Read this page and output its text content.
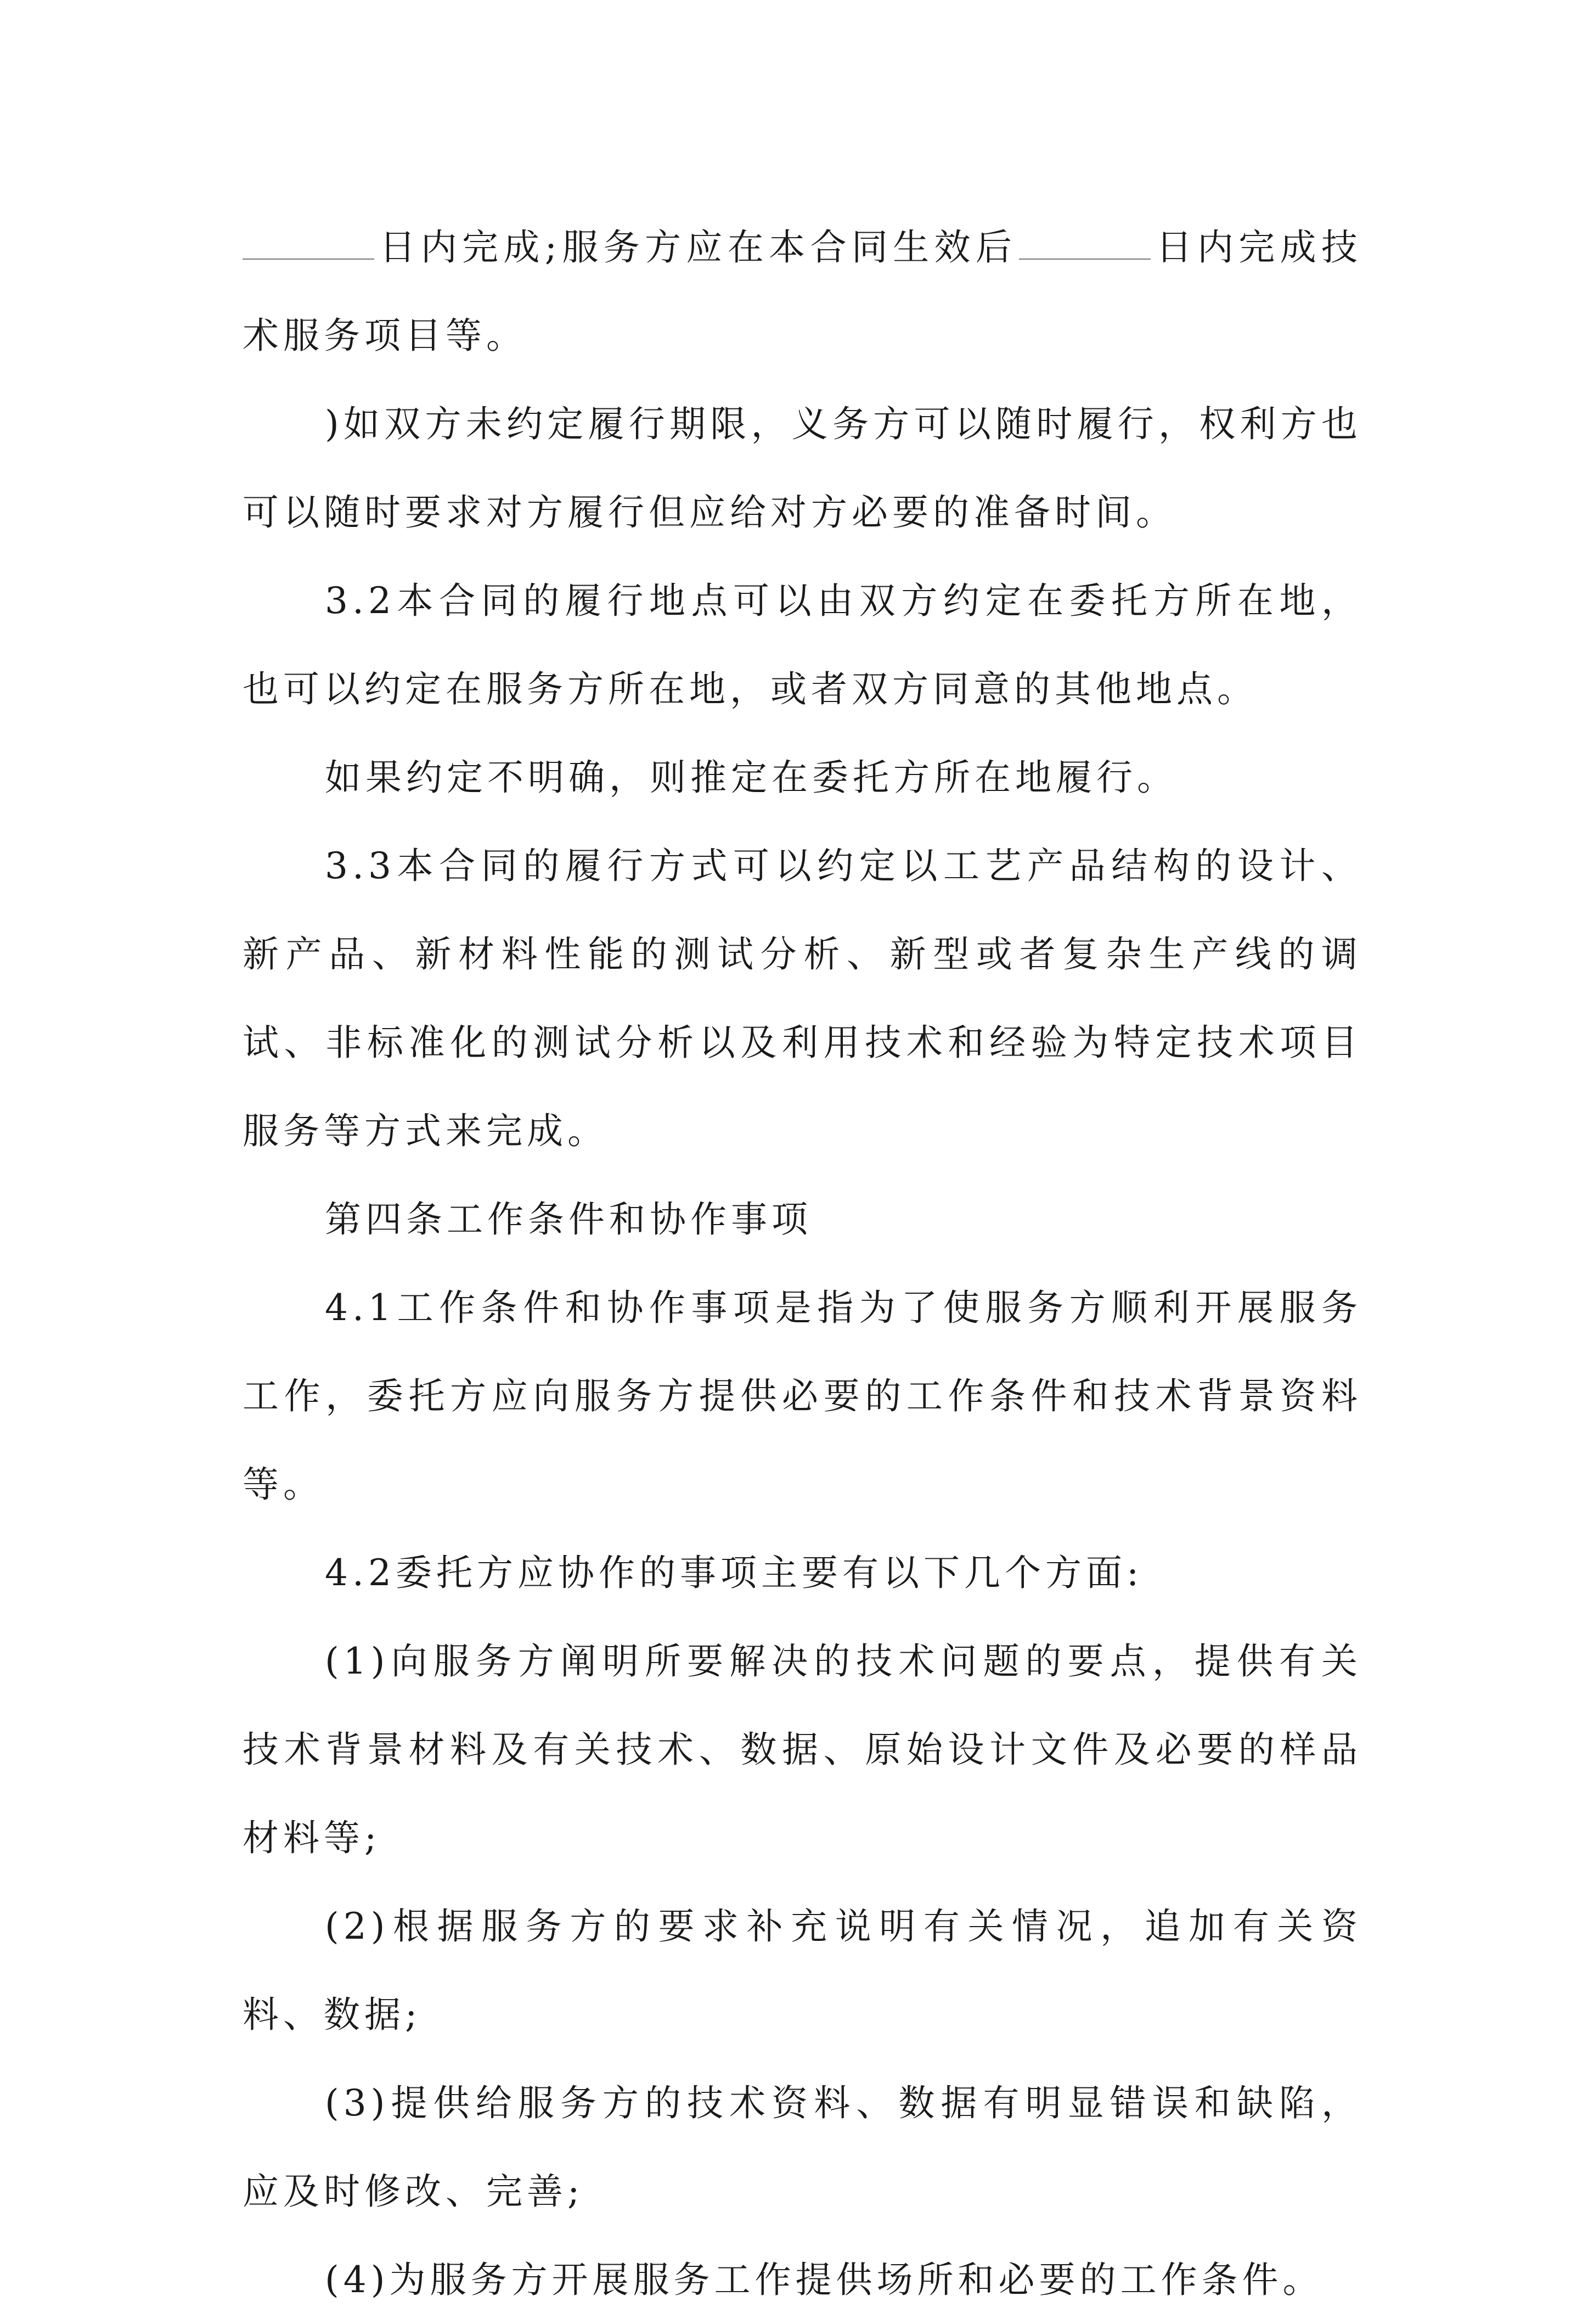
日内完成;服务方应在本合同生效后	日内完成技术服务项目等。

)如双方未约定履行期限，义务方可以随时履行，权利方也可以随时要求对方履行但应给对方必要的准备时间。

3.2本合同的履行地点可以由双方约定在委托方所在地，也可以约定在服务方所在地，或者双方同意的其他地点。

如果约定不明确，则推定在委托方所在地履行。

3.3本合同的履行方式可以约定以工艺产品结构的设计、新产品、新材料性能的测试分析、新型或者复杂生产线的调试、非标准化的测试分析以及利用技术和经验为特定技术项目服务等方式来完成。

第四条工作条件和协作事项

4.1工作条件和协作事项是指为了使服务方顺利开展服务工作，委托方应向服务方提供必要的工作条件和技术背景资料等。

4.2委托方应协作的事项主要有以下几个方面:

(1)向服务方阐明所要解决的技术问题的要点，提供有关技术背景材料及有关技术、数据、原始设计文件及必要的样品材料等;

(2)根据服务方的要求补充说明有关情况，追加有关资料、数据;

(3)提供给服务方的技术资料、数据有明显错误和缺陷，应及时修改、完善;

(4)为服务方开展服务工作提供场所和必要的工作条件。
